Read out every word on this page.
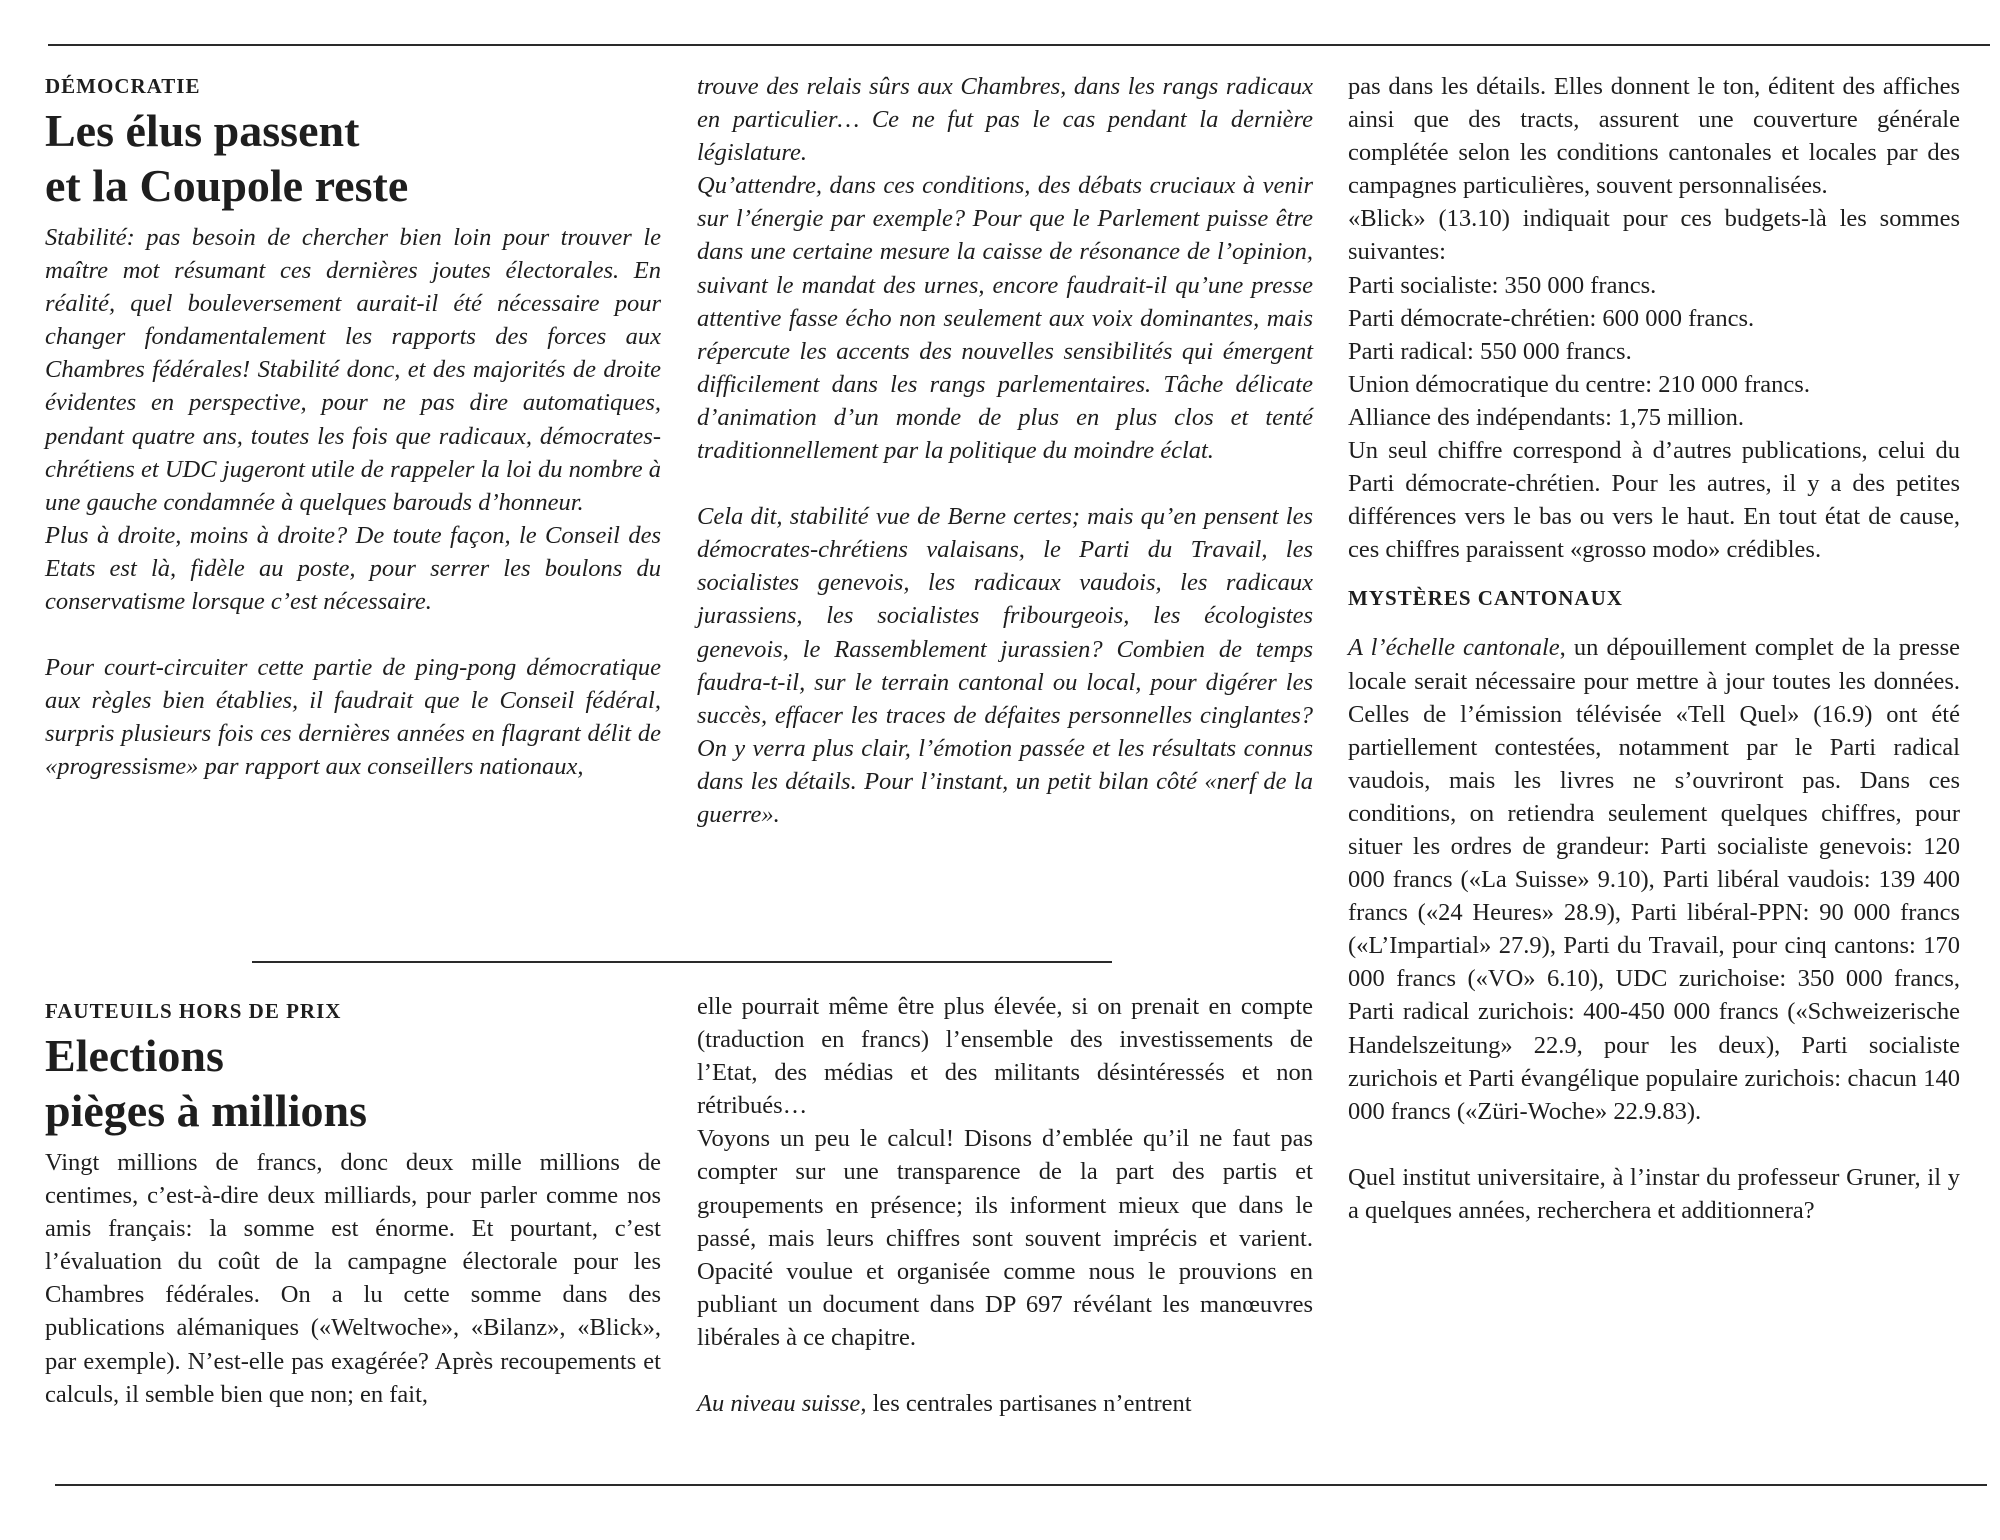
DÉMOCRATIE
Les élus passent
et la Coupole reste

Stabilité: pas besoin de chercher bien loin pour trouver le maître mot résumant ces dernières joutes électorales. En réalité, quel bouleversement aurait-il été nécessaire pour changer fondamentalement les rapports des forces aux Chambres fédérales! Stabilité donc, et des majorités de droite évidentes en perspective, pour ne pas dire automatiques, pendant quatre ans, toutes les fois que radicaux, démocrates-chrétiens et UDC jugeront utile de rappeler la loi du nombre à une gauche condamnée à quelques barouds d’honneur.

Plus à droite, moins à droite? De toute façon, le Conseil des Etats est là, fidèle au poste, pour serrer les boulons du conservatisme lorsque c’est nécessaire.

Pour court-circuiter cette partie de ping-pong démocratique aux règles bien établies, il faudrait que le Conseil fédéral, surpris plusieurs fois ces dernières années en flagrant délit de «progressisme» par rapport aux conseillers nationaux,

trouve des relais sûrs aux Chambres, dans les rangs radicaux en particulier… Ce ne fut pas le cas pendant la dernière législature.

Qu’attendre, dans ces conditions, des débats cruciaux à venir sur l’énergie par exemple? Pour que le Parlement puisse être dans une certaine mesure la caisse de résonance de l’opinion, suivant le mandat des urnes, encore faudrait-il qu’une presse attentive fasse écho non seulement aux voix dominantes, mais répercute les accents des nouvelles sensibilités qui émergent difficilement dans les rangs parlementaires. Tâche délicate d’animation d’un monde de plus en plus clos et tenté traditionnellement par la politique du moindre éclat.

Cela dit, stabilité vue de Berne certes; mais qu’en pensent les démocrates-chrétiens valaisans, le Parti du Travail, les socialistes genevois, les radicaux vaudois, les radicaux jurassiens, les socialistes fribourgeois, les écologistes genevois, le Rassemblement jurassien? Combien de temps faudra-t-il, sur le terrain cantonal ou local, pour digérer les succès, effacer les traces de défaites personnelles cinglantes? On y verra plus clair, l’émotion passée et les résultats connus dans les détails. Pour l’instant, un petit bilan côté «nerf de la guerre».

FAUTEUILS HORS DE PRIX
Elections
pièges à millions

Vingt millions de francs, donc deux mille millions de centimes, c’est-à-dire deux milliards, pour parler comme nos amis français: la somme est énorme. Et pourtant, c’est l’évaluation du coût de la campagne électorale pour les Chambres fédérales. On a lu cette somme dans des publications alémaniques («Weltwoche», «Bilanz», «Blick», par exemple). N’est-elle pas exagérée? Après recoupements et calculs, il semble bien que non; en fait,

elle pourrait même être plus élevée, si on prenait en compte (traduction en francs) l’ensemble des investissements de l’Etat, des médias et des militants désintéressés et non rétribués…

Voyons un peu le calcul! Disons d’emblée qu’il ne faut pas compter sur une transparence de la part des partis et groupements en présence; ils informent mieux que dans le passé, mais leurs chiffres sont souvent imprécis et varient. Opacité voulue et organisée comme nous le prouvions en publiant un document dans DP 697 révélant les manœuvres libérales à ce chapitre.

Au niveau suisse, les centrales partisanes n’entrent

pas dans les détails. Elles donnent le ton, éditent des affiches ainsi que des tracts, assurent une couverture générale complétée selon les conditions cantonales et locales par des campagnes particulières, souvent personnalisées.

«Blick» (13.10) indiquait pour ces budgets-là les sommes suivantes:

Parti socialiste: 350 000 francs.
Parti démocrate-chrétien: 600 000 francs.
Parti radical: 550 000 francs.
Union démocratique du centre: 210 000 francs.
Alliance des indépendants: 1,75 million.

Un seul chiffre correspond à d’autres publications, celui du Parti démocrate-chrétien. Pour les autres, il y a des petites différences vers le bas ou vers le haut. En tout état de cause, ces chiffres paraissent «grosso modo» crédibles.

MYSTÈRES CANTONAUX

A l’échelle cantonale, un dépouillement complet de la presse locale serait nécessaire pour mettre à jour toutes les données. Celles de l’émission télévisée «Tell Quel» (16.9) ont été partiellement contestées, notamment par le Parti radical vaudois, mais les livres ne s’ouvriront pas. Dans ces conditions, on retiendra seulement quelques chiffres, pour situer les ordres de grandeur: Parti socialiste genevois: 120 000 francs («La Suisse» 9.10), Parti libéral vaudois: 139 400 francs («24 Heures» 28.9), Parti libéral-PPN: 90 000 francs («L’Impartial» 27.9), Parti du Travail, pour cinq cantons: 170 000 francs («VO» 6.10), UDC zurichoise: 350 000 francs, Parti radical zurichois: 400-450 000 francs («Schweizerische Handelszeitung» 22.9, pour les deux), Parti socialiste zurichois et Parti évangélique populaire zurichois: chacun 140 000 francs («Züri-Woche» 22.9.83).

Quel institut universitaire, à l’instar du professeur Gruner, il y a quelques années, recherchera et additionnera?
